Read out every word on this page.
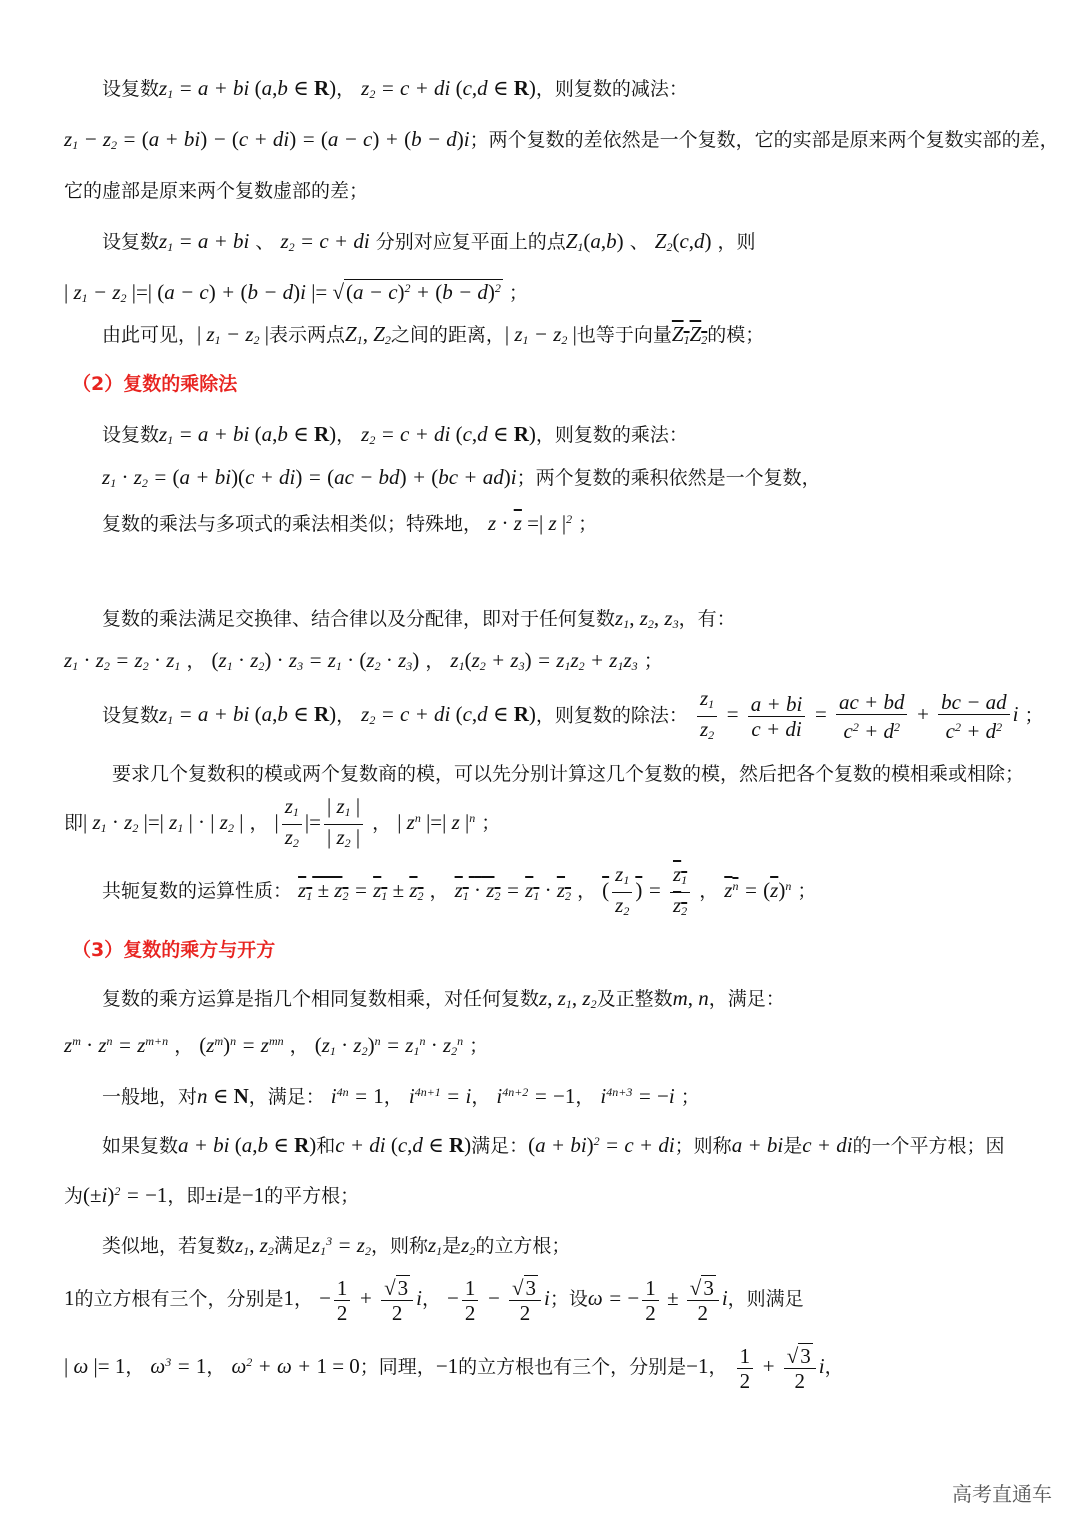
设复数$z_1 = a$ + bi (a,b ∈ R)， $z_2 = c$ + di (c,d ∈ R)，则复数的减法：
$z_1 - z_2 = (a + bi) - (c + di) = (a - c) + (b - d)i$；两个复数的差依然是一个复数，它的实部是原来两个复数实部的差，
它的虚部是原来两个复数虚部的差；
设复数$z_1 = a$ + bi 、 $z_2 = c$ + di 分别对应复平面上的点$Z_1(a,b)$ 、 $Z_2(c,d)$ ，则
| $z_1 - z_2$ |=| (a − c) + (b − d)i |= $√(a - c)^2 + (b - d)^2$ ；
由此可见，| $z_1 - z_2$ |表示两点$Z_1$, $Z_2$之间的距离，| $z_1 - z_2$ |也等于向量$Z_1Z_2$的模；
（2）复数的乘除法
设复数$z_1 = a$ + bi (a,b ∈ R)， $z_2 = c$ + di (c,d ∈ R)，则复数的乘法：
$z_1 \cdot z_2 = (a + bi)(c + di) = (ac - bd) + (bc + ad)i$；两个复数的乘积依然是一个复数，
复数的乘法与多项式的乘法相类似；特殊地， $z \cdot \overline{z}$ =| z $|^2$ ；
复数的乘法满足交换律、结合律以及分配律，即对于任何复数$z_1$, $z_2$, $z_3$，有：
$z_1 \cdot z_2 = z_2 \cdot z_1$ ， $(z_1 \cdot z_2) \cdot z_3 = z_1 \cdot (z_2 \cdot z_3)$ ， $z_1(z_2 + z_3) = z_1z_2 + z_1z_3$ ；
设复数$z_1 = a$ + bi (a,b ∈ R)， $z_2 = c$ + di (c,d ∈ R)，则复数的除法： $\frac{z_1}{z_2} = \frac{a + bi}{c + di} = \frac{ac + bd}{c^2 + d^2} + \frac{bc - ad}{c^2 + d^2}$ i ；
要求几个复数积的模或两个复数商的模，可以先分别计算这几个复数的模，然后把各个复数的模相乘或相除；
即| $z_1 \cdot z_2$ |=| $z_1$ | · | $z_2$ | ， | $\frac{z_1}{z_2}$ |= $\frac{| z_1 |}{| z_2 |}$ ， | $z^n$ |=| z $|^n$ ；
共轭复数的运算性质： $z_1 \pm z_2 = z_1 \pm z_2$ ， $z_1 \cdot z_2 = z_1 \cdot z_2$ ， ( $\frac{z_1}{z_2}$ ) = $\frac{z_1}{z_2}$ ， $z^n = (\overline{z})^n$ ；
（3）复数的乘方与开方
复数的乘方运算是指几个相同复数相乘，对任何复数z, $z_1$, $z_2$及正整数m, n，满足：
$z^m \cdot z^n = z^{m+n}$ ， $(z^m)^n = z^{mn}$ ， $(z_1 \cdot z_2)^n = z_1^n \cdot z_2^n$ ；
一般地，对n ∈ N，满足： $i^{4n} = 1$， $i^{4n+1} = i$， $i^{4n+2} = -1$， $i^{4n+3} = -i$ ；
如果复数a + bi (a,b ∈ R)和c + di (c,d ∈ R)满足：(a + bi)$^2$ = c + di；则称a + bi是c + di的一个平方根；因
为$(\pm i)^2 = -1$，即±i是−1的平方根；
类似地，若复数$z_1$, $z_2$满足$z_1^3 = z_2$，则称$z_1$是$z_2$的立方根；
1的立方根有三个，分别是1， − $\frac{1}{2} + \frac{√3}{2}$ i， − $\frac{1}{2} - \frac{√3}{2}$ i；设ω = − $\frac{1}{2} \pm \frac{√3}{2}$ i，则满足
| ω |= 1， $\omega^3 = 1$， $\omega^2 + \omega + 1 = 0$；同理，−1的立方根也有三个，分别是−1， $\frac{1}{2} + \frac{√3}{2}$ i，
高考直通车
